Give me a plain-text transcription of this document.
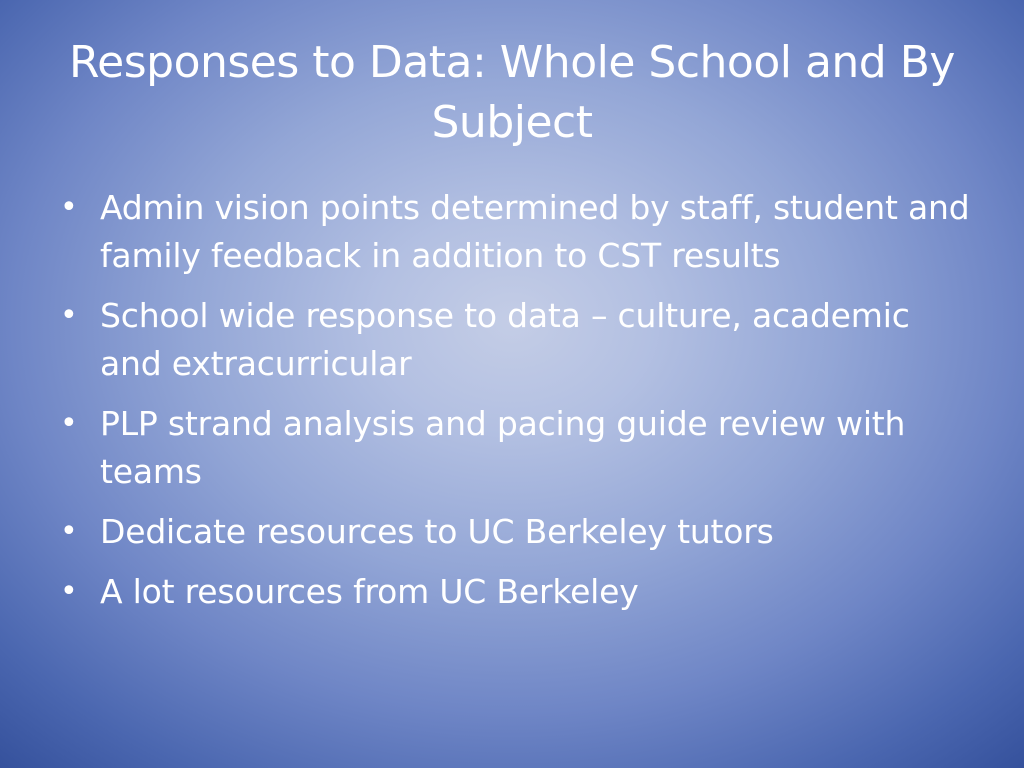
Responses to Data: Whole School and By Subject
• Admin vision points determined by staff, student and family feedback in addition to CST results
• School wide response to data – culture, academic and extracurricular
• PLP strand analysis and pacing guide review with teams
• Dedicate resources to UC Berkeley tutors
• A lot resources from UC Berkeley
